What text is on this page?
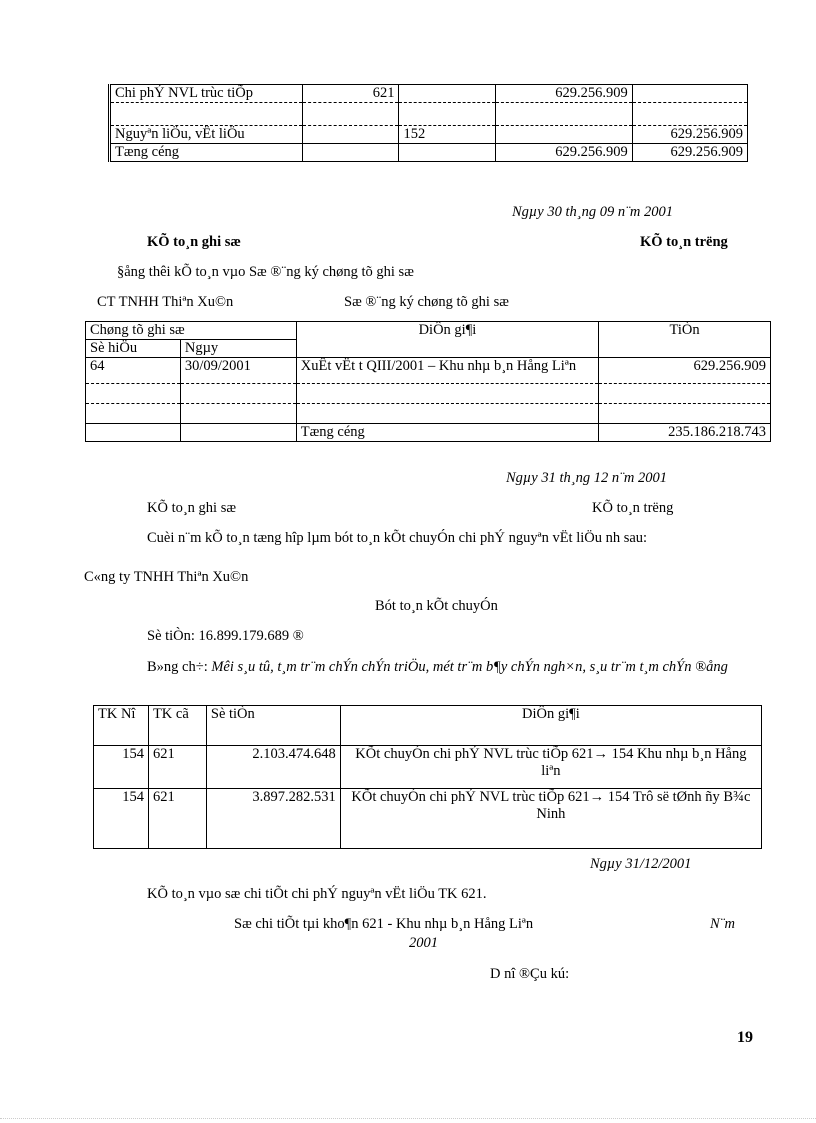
Chi phÝ NVL trùc tiÕp	621		629.256.909	

Nguyªn liÖu, vËt liÖu		152		629.256.909
Tæng céng			629.256.909	629.256.909
Ngµy 30 th¸ng 09 n¨m 2001
KÕ to¸n ghi sæ	KÕ to¸n trëng
§ång thêi kÕ to¸n vµo Sæ ®¨ng ký chøng tõ ghi sæ
CT TNHH Thiªn Xu©n	Sæ ®¨ng ký chøng tõ ghi sæ
Chøng tõ ghi sæ		DiÔn gi¶i	TiÒn
Sè hiÖu	Ngµy		
64	30/09/2001	XuÊt vËt t QIII/2001 – Khu nhµ b¸n Hång Liªn	629.256.909

		Tæng céng	235.186.218.743
Ngµy 31 th¸ng 12 n¨m 2001
KÕ to¸n ghi sæ	KÕ to¸n trëng
Cuèi n¨m kÕ to¸n tæng hîp lµm bót to¸n kÕt chuyÓn chi phÝ nguyªn vËt liÖu nh sau:
C«ng ty TNHH Thiªn Xu©n
Bót to¸n kÕt chuyÓn
Sè tiÒn: 16.899.179.689 ®
B»ng ch÷: Mêi s¸u tû, t¸m tr¨m chÝn chÝn triÖu, mét tr¨m b¶y chÝn ngh×n, s¸u tr¨m t¸m chÝn ®ång
TK Nî	TK cã	Sè tiÒn	DiÔn gi¶i
154	621	2.103.474.648	KÕt chuyÓn chi phÝ NVL trùc tiÕp 621→ 154 Khu nhµ b¸n Hång liªn
154	621	3.897.282.531	KÕt chuyÓn chi phÝ NVL trùc tiÕp 621→ 154 Trô së tØnh ñy B¾c Ninh
Ngµy 31/12/2001
KÕ to¸n vµo sæ chi tiÕt chi phÝ nguyªn vËt liÖu TK 621.
Sæ chi tiÕt tµi kho¶n 621 - Khu nhµ b¸n Hång Liªn	N¨m
2001
D nî ®Çu kú:
19
